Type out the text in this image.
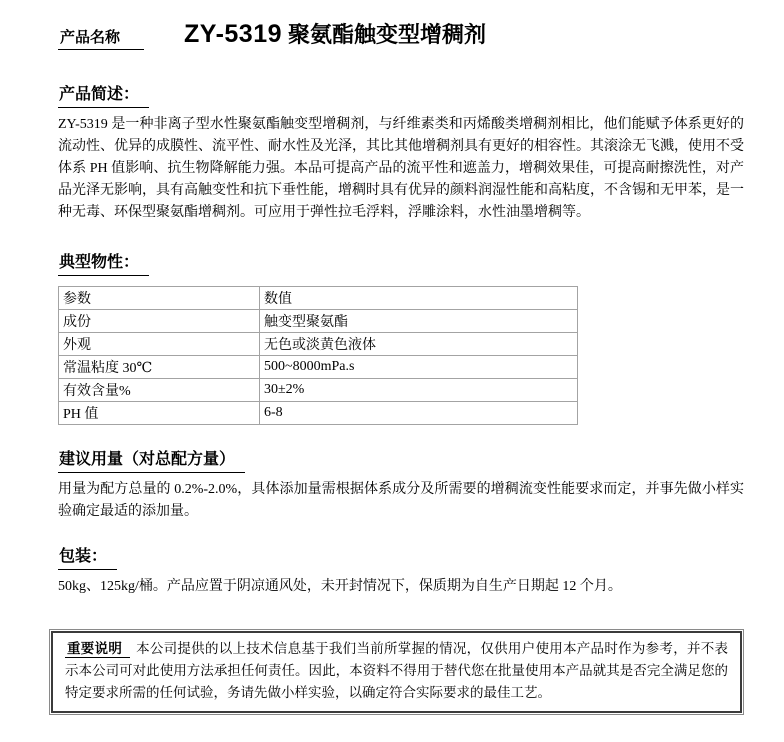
产品名称	ZY-5319 聚氨酯触变型增稠剂
产品简述：

ZY-5319 是一种非离子型水性聚氨酯触变型增稠剂，与纤维素类和丙烯酸类增稠剂相比，他们能赋予体系更好的流动性、优异的成膜性、流平性、耐水性及光泽，其比其他增稠剂具有更好的相容性。其滚涂无飞溅，使用不受体系 PH 值影响、抗生物降解能力强。本品可提高产品的流平性和遮盖力，增稠效果佳，可提高耐擦洗性，对产品光泽无影响，具有高触变性和抗下垂性能，增稠时具有优异的颜料润湿性能和高粘度，不含锡和无甲苯，是一种无毒、环保型聚氨酯增稠剂。可应用于弹性拉毛浮料，浮雕涂料，水性油墨增稠等。

典型物性：
参数	数值
成份	触变型聚氨酯
外观	无色或淡黄色液体
常温粘度 30℃	500~8000mPa.s
有效含量%	30±2%
PH 值	6-8
建议用量（对总配方量）

用量为配方总量的 0.2%-2.0%，具体添加量需根据体系成分及所需要的增稠流变性能要求而定，并事先做小样实验确定最适的添加量。

包装：

50kg、125kg/桶。产品应置于阴凉通风处，未开封情况下，保质期为自生产日期起 12 个月。

重要说明 本公司提供的以上技术信息基于我们当前所掌握的情况，仅供用户使用本产品时作为参考，并不表示本公司可对此使用方法承担任何责任。因此，本资料不得用于替代您在批量使用本产品就其是否完全满足您的特定要求所需的任何试验，务请先做小样实验，以确定符合实际要求的最佳工艺。
